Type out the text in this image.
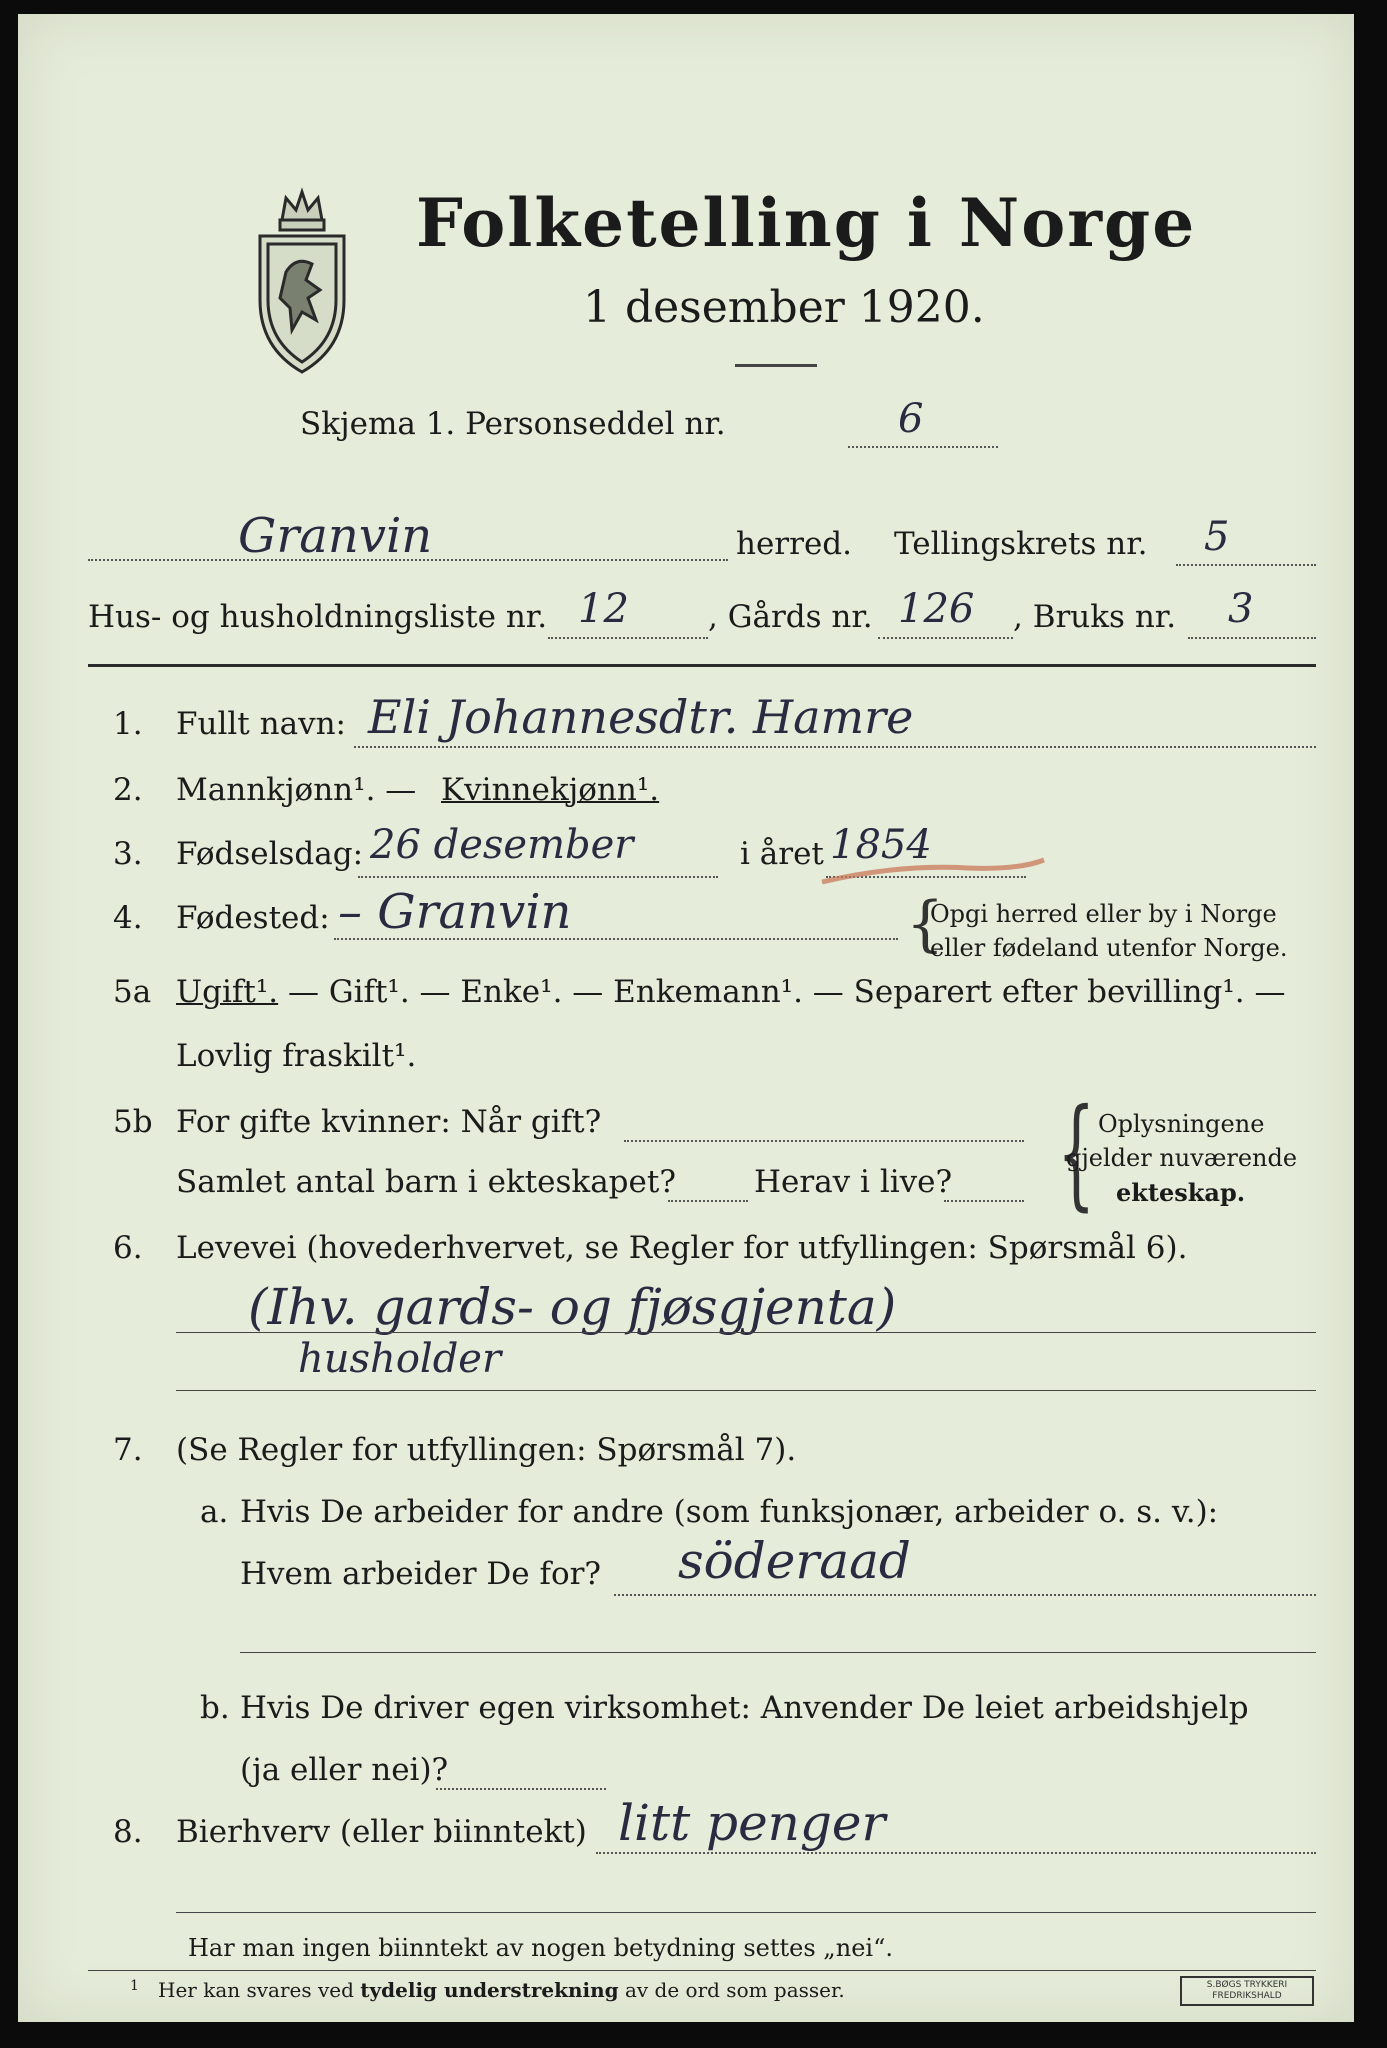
Folketelling i Norge
1 desember 1920.
Skjema 1. Personseddel nr.	6
Granvin	herred. Tellingskrets nr. 5
Hus- og husholdningsliste nr. 12	, Gårds nr. 126 , Bruks nr. 3
1. Fullt navn: Eli Johannesdtr. Hamre
2. Mannkjønn¹. — Kvinnekjønn¹.
3. Fødselsdag: 26 desember	i året 1854
4. Fødested: – Granvin	{
Opgi herred eller by i Norge
eller fødeland utenfor Norge.
5a Ugift¹. — Gift¹. — Enke¹. — Enkemann¹. — Separert efter bevilling¹. —
Lovlig fraskilt¹.
5b For gifte kvinner: Når gift?
Samlet antal barn i ekteskapet?	Herav i live? { Oplysningene
gjelder nuværende
ekteskap.
6. Levevei (hovederhvervet, se Regler for utfyllingen: Spørsmål 6).
(Ihv. gards- og fjøsgjenta)
husholder
7. (Se Regler for utfyllingen: Spørsmål 7).
a. Hvis De arbeider for andre (som funksjonær, arbeider o. s. v.):
Hvem arbeider De for? söderaad
b. Hvis De driver egen virksomhet: Anvender De leiet arbeidshjelp
(ja eller nei)?
8. Bierhverv (eller biinntekt) litt penger
Har man ingen biinntekt av nogen betydning settes „nei“.
1 Her kan svares ved tydelig understrekning av de ord som passer.	S.BØGS TRYKKERI FREDRIKSHALD
